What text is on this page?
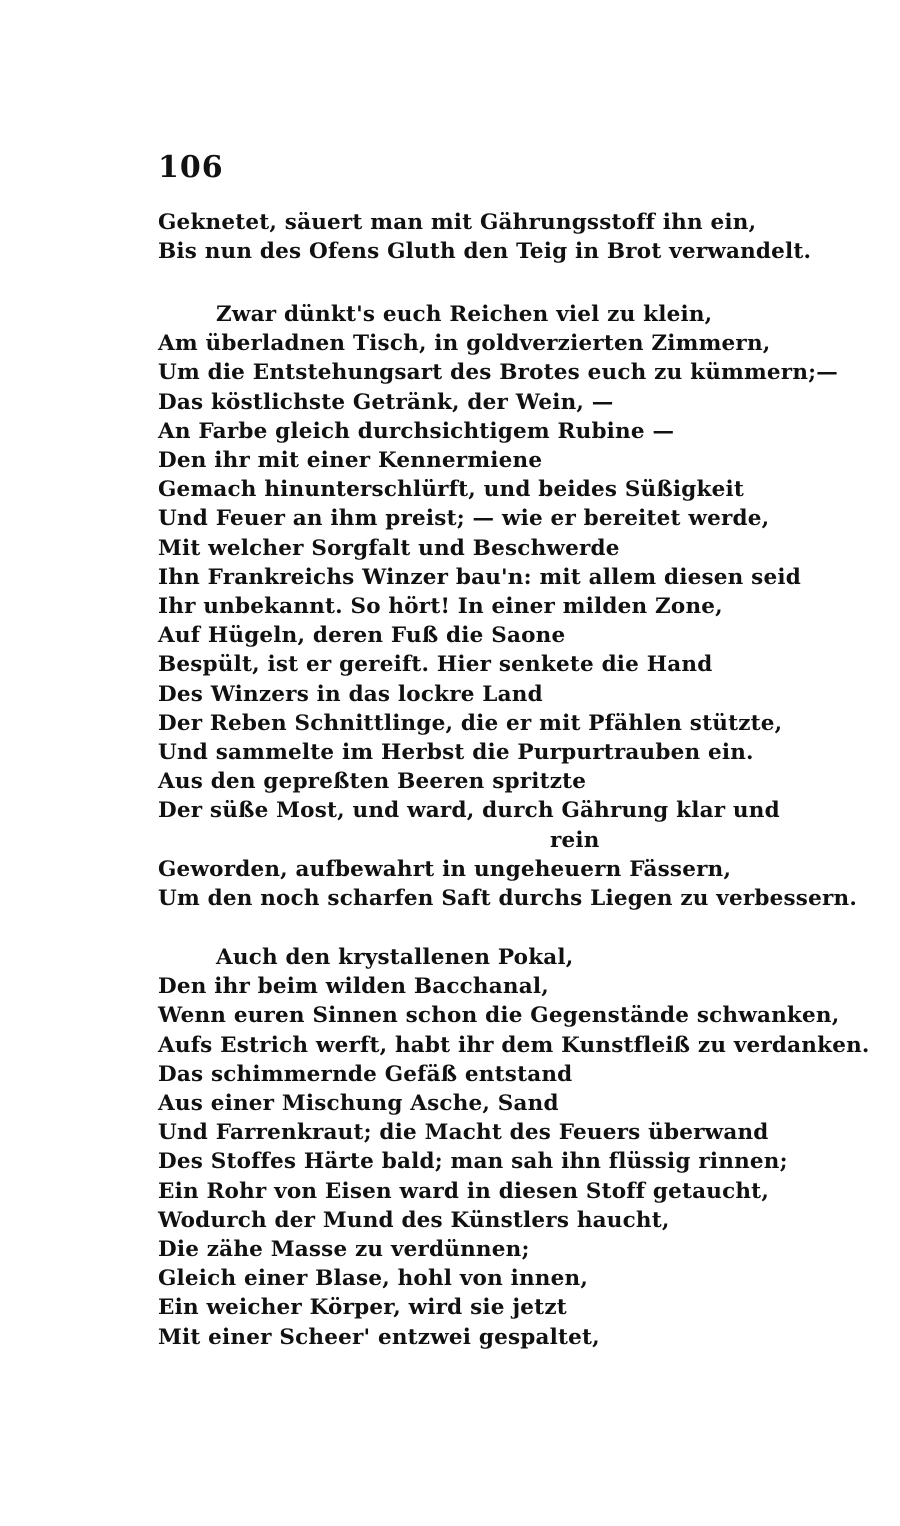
106
Geknetet, säuert man mit Gährungsstoff ihn ein,
Bis nun des Ofens Gluth den Teig in Brot verwandelt.
Zwar dünkt's euch Reichen viel zu klein,
Am überladnen Tisch, in goldverzierten Zimmern,
Um die Entstehungsart des Brotes euch zu kümmern;—
Das köstlichste Getränk, der Wein, —
An Farbe gleich durchsichtigem Rubine —
Den ihr mit einer Kennermiene
Gemach hinunterschlürft, und beides Süßigkeit
Und Feuer an ihm preist; — wie er bereitet werde,
Mit welcher Sorgfalt und Beschwerde
Ihn Frankreichs Winzer bau'n: mit allem diesen seid
Ihr unbekannt. So hört! In einer milden Zone,
Auf Hügeln, deren Fuß die Saone
Bespült, ist er gereift. Hier senkete die Hand
Des Winzers in das lockre Land
Der Reben Schnittlinge, die er mit Pfählen stützte,
Und sammelte im Herbst die Purpurtrauben ein.
Aus den gepreßten Beeren spritzte
Der süße Most, und ward, durch Gährung klar und
rein
Geworden, aufbewahrt in ungeheuern Fässern,
Um den noch scharfen Saft durchs Liegen zu verbessern.
Auch den krystallenen Pokal,
Den ihr beim wilden Bacchanal,
Wenn euren Sinnen schon die Gegenstände schwanken,
Aufs Estrich werft, habt ihr dem Kunstfleiß zu verdanken.
Das schimmernde Gefäß entstand
Aus einer Mischung Asche, Sand
Und Farrenkraut; die Macht des Feuers überwand
Des Stoffes Härte bald; man sah ihn flüssig rinnen;
Ein Rohr von Eisen ward in diesen Stoff getaucht,
Wodurch der Mund des Künstlers haucht,
Die zähe Masse zu verdünnen;
Gleich einer Blase, hohl von innen,
Ein weicher Körper, wird sie jetzt
Mit einer Scheer' entzwei gespaltet,
